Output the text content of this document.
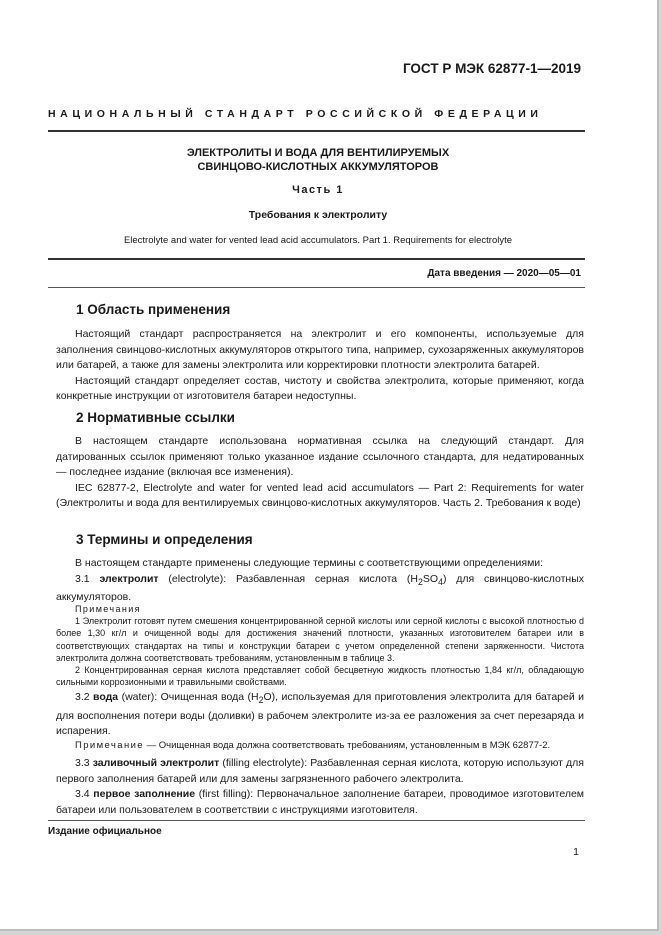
ГОСТ Р МЭК 62877-1—2019
НАЦИОНАЛЬНЫЙ СТАНДАРТ РОССИЙСКОЙ ФЕДЕРАЦИИ
ЭЛЕКТРОЛИТЫ И ВОДА ДЛЯ ВЕНТИЛИРУЕМЫХ
СВИНЦОВО-КИСЛОТНЫХ АККУМУЛЯТОРОВ
Часть 1
Требования к электролиту
Electrolyte and water for vented lead acid accumulators. Part 1. Requirements for electrolyte
Дата введения — 2020—05—01
1 Область применения

Настоящий стандарт распространяется на электролит и его компоненты, используемые для заполнения свинцово-кислотных аккумуляторов открытого типа, например, сухозаряженных аккумуляторов или батарей, а также для замены электролита или корректировки плотности электролита батарей.

Настоящий стандарт определяет состав, чистоту и свойства электролита, которые применяют, когда конкретные инструкции от изготовителя батареи недоступны.

2 Нормативные ссылки

В настоящем стандарте использована нормативная ссылка на следующий стандарт. Для датированных ссылок применяют только указанное издание ссылочного стандарта, для недатированных — последнее издание (включая все изменения).

IEC 62877-2, Electrolyte and water for vented lead acid accumulators — Part 2: Requirements for water (Электролиты и вода для вентилируемых свинцово-кислотных аккумуляторов. Часть 2. Требования к воде)

3 Термины и определения

В настоящем стандарте применены следующие термины с соответствующими определениями:

3.1 электролит (electrolyte): Разбавленная серная кислота $(H_2SO_4)$ для свинцово-кислотных аккумуляторов.

Примечания

1 Электролит готовят путем смешения концентрированной серной кислоты или серной кислоты с высокой плотностью d более 1,30 кг/л и очищенной воды для достижения значений плотности, указанных изготовителем батареи или в соответствующих стандартах на типы и конструкции батареи с учетом определенной степени заряженности. Чистота электролита должна соответствовать требованиям, установленным в таблице 3.

2 Концентрированная серная кислота представляет собой бесцветную жидкость плотностью 1,84 кг/л, обладающую сильными коррозионными и травильными свойствами.

3.2 вода (water): Очищенная вода $(H_2O)$, используемая для приготовления электролита для батарей и для восполнения потери воды (доливки) в рабочем электролите из-за ее разложения за счет перезаряда и испарения.

Примечание — Очищенная вода должна соответствовать требованиям, установленным в МЭК 62877-2.

3.3 заливочный электролит (filling electrolyte): Разбавленная серная кислота, которую используют для первого заполнения батарей или для замены загрязненного рабочего электролита.

3.4 первое заполнение (first filling): Первоначальное заполнение батареи, проводимое изготовителем батареи или пользователем в соответствии с инструкциями изготовителя.

Издание официальное
1
